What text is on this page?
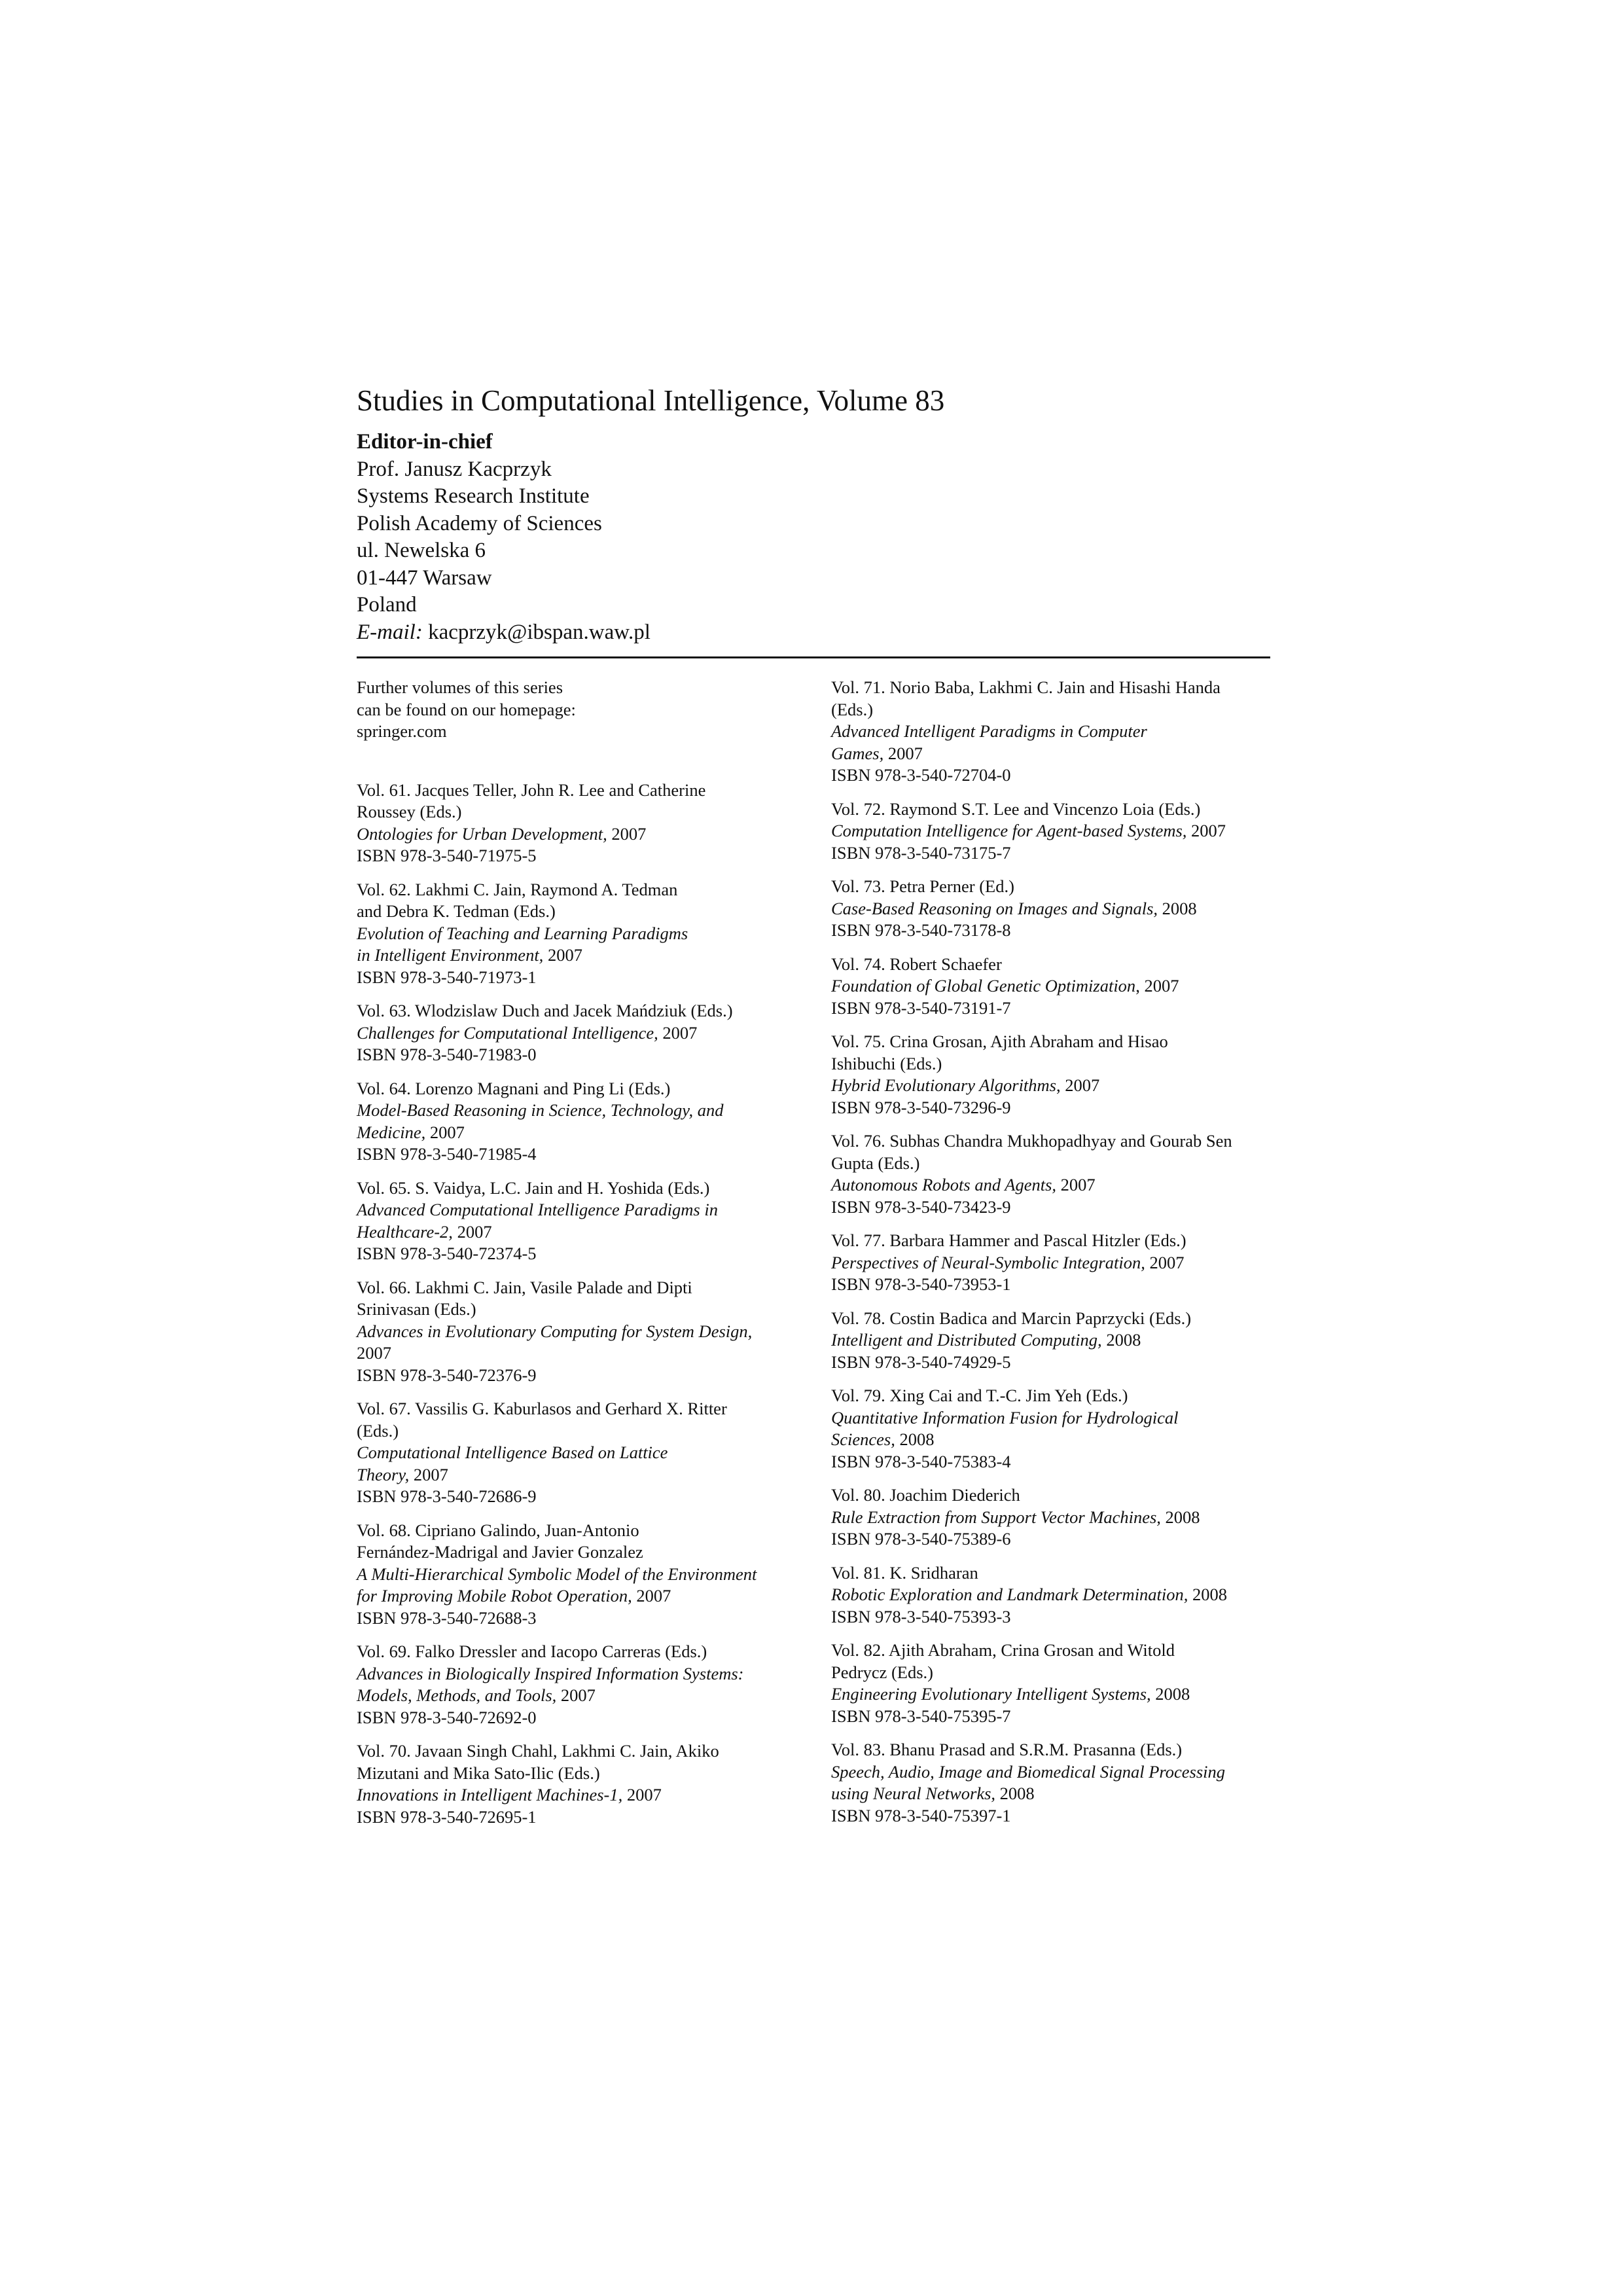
Studies in Computational Intelligence, Volume 83
Editor-in-chief
Prof. Janusz Kacprzyk
Systems Research Institute
Polish Academy of Sciences
ul. Newelska 6
01-447 Warsaw
Poland
E-mail: kacprzyk@ibspan.waw.pl
Further volumes of this series
can be found on our homepage:
springer.com
Vol. 61. Jacques Teller, John R. Lee and Catherine
Roussey (Eds.)
Ontologies for Urban Development, 2007
ISBN 978-3-540-71975-5
Vol. 62. Lakhmi C. Jain, Raymond A. Tedman
and Debra K. Tedman (Eds.)
Evolution of Teaching and Learning Paradigms
in Intelligent Environment, 2007
ISBN 978-3-540-71973-1
Vol. 63. Wlodzislaw Duch and Jacek Mańdziuk (Eds.)
Challenges for Computational Intelligence, 2007
ISBN 978-3-540-71983-0
Vol. 64. Lorenzo Magnani and Ping Li (Eds.)
Model-Based Reasoning in Science, Technology, and
Medicine, 2007
ISBN 978-3-540-71985-4
Vol. 65. S. Vaidya, L.C. Jain and H. Yoshida (Eds.)
Advanced Computational Intelligence Paradigms in
Healthcare-2, 2007
ISBN 978-3-540-72374-5
Vol. 66. Lakhmi C. Jain, Vasile Palade and Dipti
Srinivasan (Eds.)
Advances in Evolutionary Computing for System Design,
2007
ISBN 978-3-540-72376-9
Vol. 67. Vassilis G. Kaburlasos and Gerhard X. Ritter
(Eds.)
Computational Intelligence Based on Lattice
Theory, 2007
ISBN 978-3-540-72686-9
Vol. 68. Cipriano Galindo, Juan-Antonio
Fernández-Madrigal and Javier Gonzalez
A Multi-Hierarchical Symbolic Model of the Environment
for Improving Mobile Robot Operation, 2007
ISBN 978-3-540-72688-3
Vol. 69. Falko Dressler and Iacopo Carreras (Eds.)
Advances in Biologically Inspired Information Systems:
Models, Methods, and Tools, 2007
ISBN 978-3-540-72692-0
Vol. 70. Javaan Singh Chahl, Lakhmi C. Jain, Akiko
Mizutani and Mika Sato-Ilic (Eds.)
Innovations in Intelligent Machines-1, 2007
ISBN 978-3-540-72695-1
Vol. 71. Norio Baba, Lakhmi C. Jain and Hisashi Handa
(Eds.)
Advanced Intelligent Paradigms in Computer
Games, 2007
ISBN 978-3-540-72704-0
Vol. 72. Raymond S.T. Lee and Vincenzo Loia (Eds.)
Computation Intelligence for Agent-based Systems, 2007
ISBN 978-3-540-73175-7
Vol. 73. Petra Perner (Ed.)
Case-Based Reasoning on Images and Signals, 2008
ISBN 978-3-540-73178-8
Vol. 74. Robert Schaefer
Foundation of Global Genetic Optimization, 2007
ISBN 978-3-540-73191-7
Vol. 75. Crina Grosan, Ajith Abraham and Hisao
Ishibuchi (Eds.)
Hybrid Evolutionary Algorithms, 2007
ISBN 978-3-540-73296-9
Vol. 76. Subhas Chandra Mukhopadhyay and Gourab Sen
Gupta (Eds.)
Autonomous Robots and Agents, 2007
ISBN 978-3-540-73423-9
Vol. 77. Barbara Hammer and Pascal Hitzler (Eds.)
Perspectives of Neural-Symbolic Integration, 2007
ISBN 978-3-540-73953-1
Vol. 78. Costin Badica and Marcin Paprzycki (Eds.)
Intelligent and Distributed Computing, 2008
ISBN 978-3-540-74929-5
Vol. 79. Xing Cai and T.-C. Jim Yeh (Eds.)
Quantitative Information Fusion for Hydrological
Sciences, 2008
ISBN 978-3-540-75383-4
Vol. 80. Joachim Diederich
Rule Extraction from Support Vector Machines, 2008
ISBN 978-3-540-75389-6
Vol. 81. K. Sridharan
Robotic Exploration and Landmark Determination, 2008
ISBN 978-3-540-75393-3
Vol. 82. Ajith Abraham, Crina Grosan and Witold
Pedrycz (Eds.)
Engineering Evolutionary Intelligent Systems, 2008
ISBN 978-3-540-75395-7
Vol. 83. Bhanu Prasad and S.R.M. Prasanna (Eds.)
Speech, Audio, Image and Biomedical Signal Processing
using Neural Networks, 2008
ISBN 978-3-540-75397-1
